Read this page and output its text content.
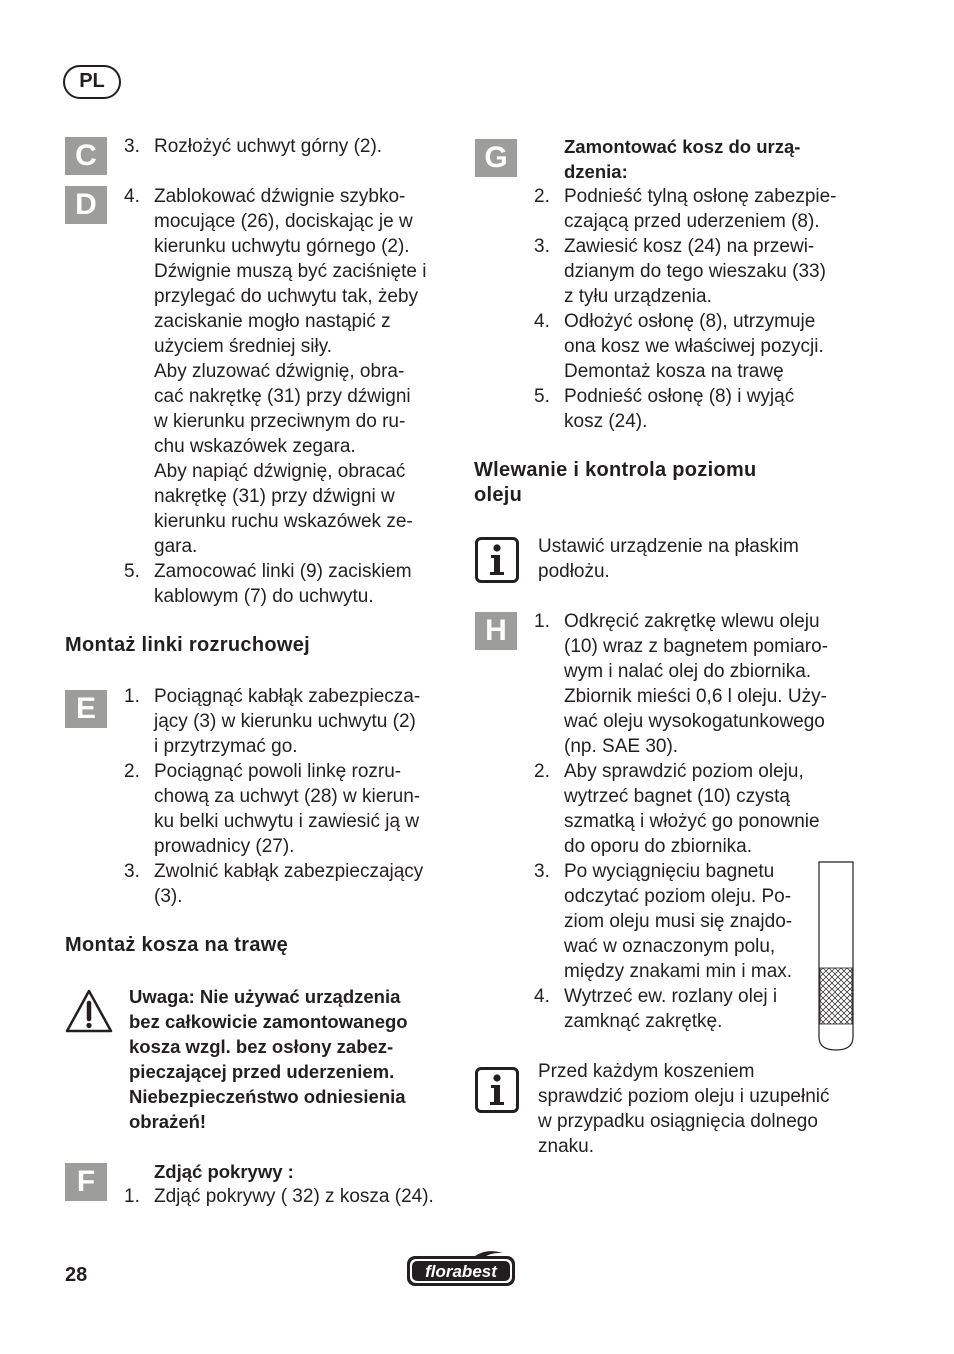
PL
C	3. Rozłożyć uchwyt górny (2).
D	4. Zablokować dźwignie szybko-
mocujące (26), dociskając je w
kierunku uchwytu górnego (2).
Dźwignie muszą być zaciśnięte i
przylegać do uchwytu tak, żeby
zaciskanie mogło nastąpić z
użyciem średniej siły.
Aby zluzować dźwignię, obra-
cać nakrętkę (31) przy dźwigni
w kierunku przeciwnym do ru-
chu wskazówek zegara.
Aby napiąć dźwignię, obracać
nakrętkę (31) przy dźwigni w
kierunku ruchu wskazówek ze-
gara.
5. Zamocować linki (9) zaciskiem
kablowym (7) do uchwytu.
Montaż linki rozruchowej
E	1. Pociągnąć kabłąk zabezpiecza-
jący (3) w kierunku uchwytu (2)
i przytrzymać go.
2. Pociągnąć powoli linkę rozru-
chową za uchwyt (28) w kierun-
ku belki uchwytu i zawiesić ją w
prowadnicy (27).
3. Zwolnić kabłąk zabezpieczający
(3).
Montaż kosza na trawę
Uwaga: Nie używać urządzenia
bez całkowicie zamontowanego
kosza wzgl. bez osłony zabez-
pieczającej przed uderzeniem.
Niebezpieczeństwo odniesienia
obrażeń!
F	Zdjąć pokrywy :
1. Zdjąć pokrywy ( 32) z kosza (24).
G	Zamontować kosz do urzą-
dzenia:
2. Podnieść tylną osłonę zabezpie-
czającą przed uderzeniem (8).
3. Zawiesić kosz (24) na przewi-
dzianym do tego wieszaku (33)
z tyłu urządzenia.
4. Odłożyć osłonę (8), utrzymuje
ona kosz we właściwej pozycji.
Demontaż kosza na trawę
5. Podnieść osłonę (8) i wyjąć
kosz (24).
Wlewanie i kontrola poziomu
oleju
Ustawić urządzenie na płaskim
podłożu.
H	1. Odkręcić zakrętkę wlewu oleju
(10) wraz z bagnetem pomiaro-
wym i nalać olej do zbiornika.
Zbiornik mieści 0,6 l oleju. Uży-
wać oleju wysokogatunkowego
(np. SAE 30).
2. Aby sprawdzić poziom oleju,
wytrzeć bagnet (10) czystą
szmatką i włożyć go ponownie
do oporu do zbiornika.
3. Po wyciągnięciu bagnetu
odczytać poziom oleju. Po-
ziom oleju musi się znajdo-
wać w oznaczonym polu,
między znakami min i max.
4. Wytrzeć ew. rozlany olej i
zamknąć zakrętkę.
Przed każdym koszeniem
sprawdzić poziom oleju i uzupełnić
w przypadku osiągnięcia dolnego
znaku.
28	florabest
